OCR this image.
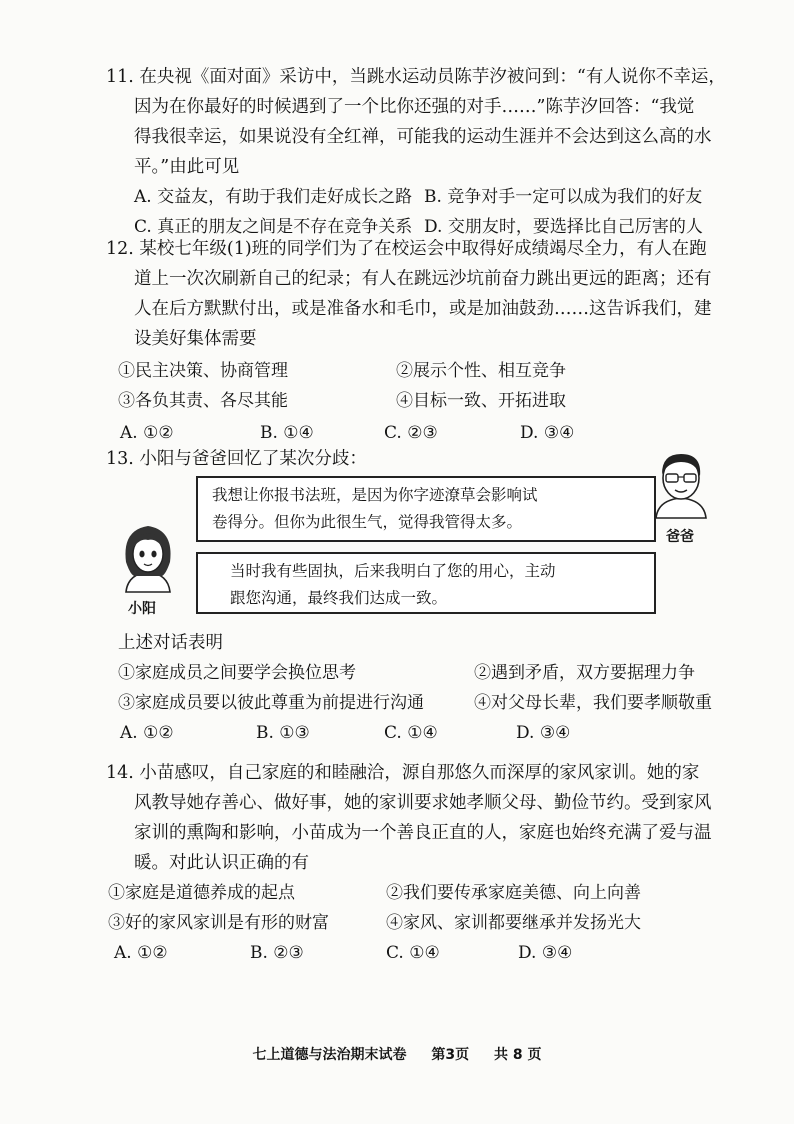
11. 在央视《面对面》采访中，当跳水运动员陈芋汐被问到：“有人说你不幸运，
因为在你最好的时候遇到了一个比你还强的对手……”陈芋汐回答：“我觉
得我很幸运，如果说没有全红禅，可能我的运动生涯并不会达到这么高的水
平。”由此可见
A. 交益友，有助于我们走好成长之路 B. 竞争对手一定可以成为我们的好友
C. 真正的朋友之间是不存在竞争关系 D. 交朋友时，要选择比自己厉害的人
12. 某校七年级(1)班的同学们为了在校运会中取得好成绩竭尽全力，有人在跑
道上一次次刷新自己的纪录；有人在跳远沙坑前奋力跳出更远的距离；还有
人在后方默默付出，或是准备水和毛巾，或是加油鼓劲……这告诉我们，建
设美好集体需要
①民主决策、协商管理	②展示个性、相互竞争
③各负其责、各尽其能	④目标一致、开拓进取
A. ①②	B. ①④	C. ②③	D. ③④
13. 小阳与爸爸回忆了某次分歧：
我想让你报书法班，是因为你字迹潦草会影响试
卷得分。但你为此很生气，觉得我管得太多。
当时我有些固执，后来我明白了您的用心，主动
跟您沟通，最终我们达成一致。
爸爸
小阳
上述对话表明
①家庭成员之间要学会换位思考	②遇到矛盾，双方要据理力争
③家庭成员要以彼此尊重为前提进行沟通	④对父母长辈，我们要孝顺敬重
A. ①②	B. ①③	C. ①④	D. ③④
14. 小苗感叹，自己家庭的和睦融洽，源自那悠久而深厚的家风家训。她的家
风教导她存善心、做好事，她的家训要求她孝顺父母、勤俭节约。受到家风
家训的熏陶和影响，小苗成为一个善良正直的人，家庭也始终充满了爱与温
暖。对此认识正确的有
①家庭是道德养成的起点	②我们要传承家庭美德、向上向善
③好的家风家训是有形的财富	④家风、家训都要继承并发扬光大
A. ①②	B. ②③	C. ①④	D. ③④
七上道德与法治期末试卷 第3页 共 8 页
